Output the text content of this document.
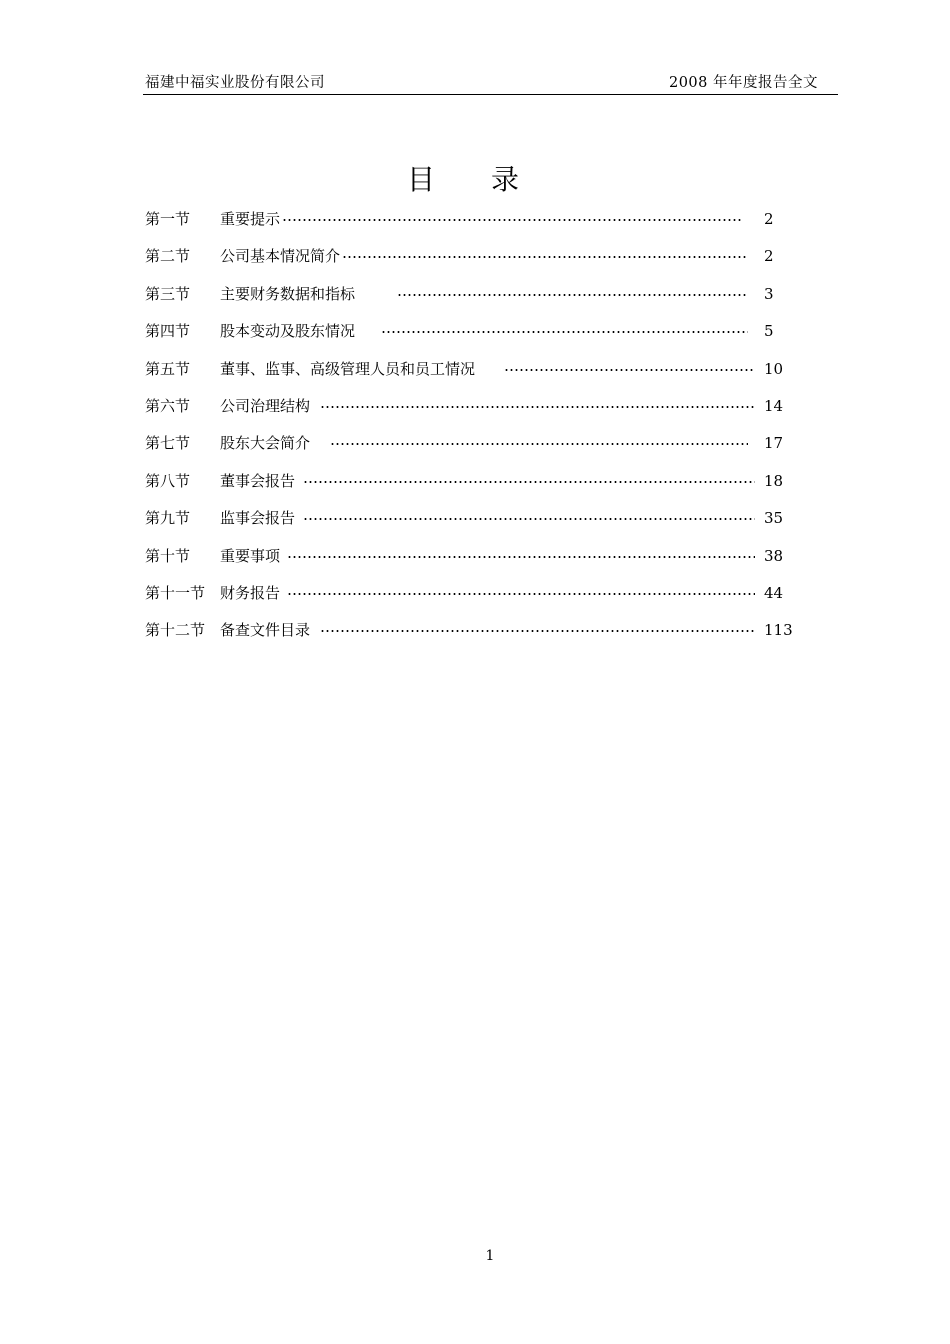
福建中福实业股份有限公司	2008 年年度报告全文
目录
第一节 重要提示	2
第二节 公司基本情况简介	2
第三节 主要财务数据和指标	3
第四节 股本变动及股东情况	5
第五节 董事、监事、高级管理人员和员工情况	10
第六节 公司治理结构	14
第七节 股东大会简介	17
第八节 董事会报告	18
第九节 监事会报告	35
第十节 重要事项	38
第十一节 财务报告	44
第十二节 备查文件目录	113
1
